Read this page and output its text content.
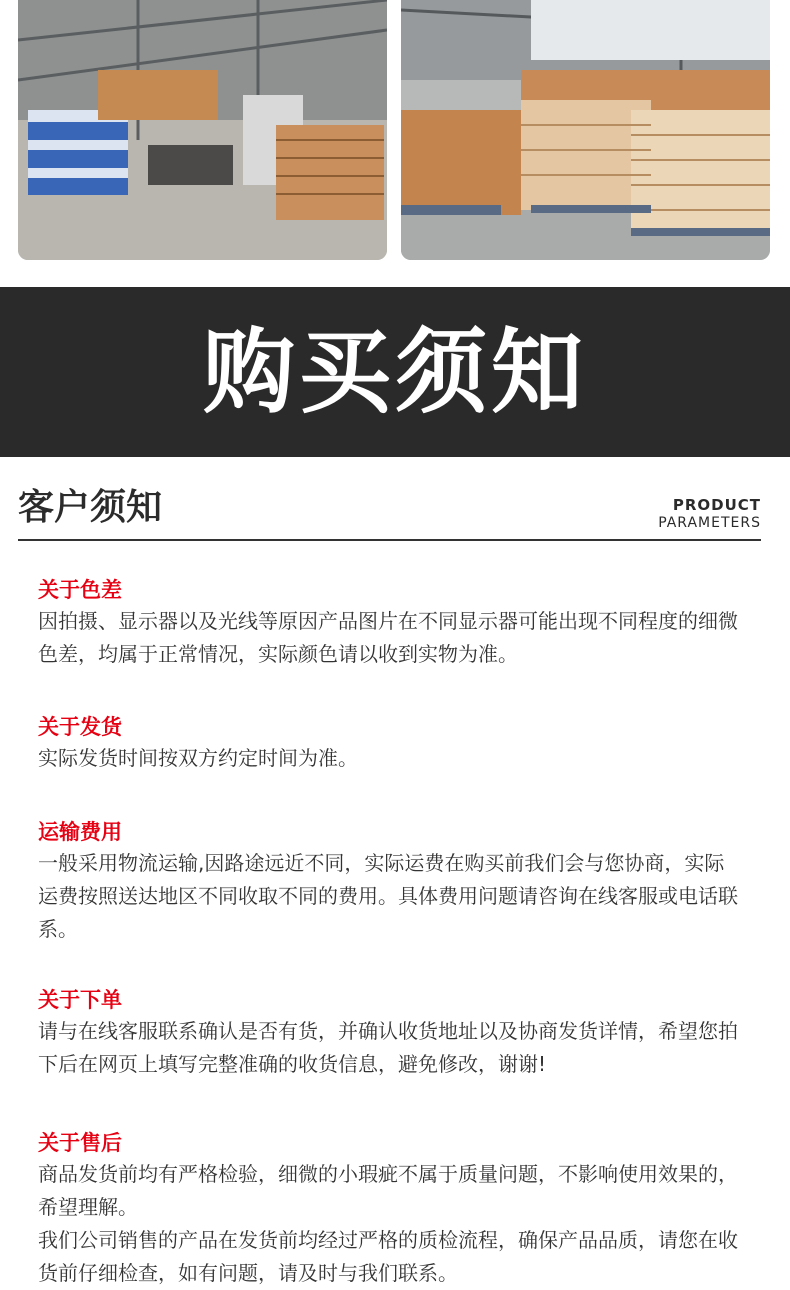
购买须知
客户须知	PRODUCT
PARAMETERS
关于色差

因拍摄、显示器以及光线等原因产品图片在不同显示器可能出现不同程度的细微色差，均属于正常情况，实际颜色请以收到实物为准。

关于发货

实际发货时间按双方约定时间为准。

运输费用

一般采用物流运输,因路途远近不同，实际运费在购买前我们会与您协商，实际运费按照送达地区不同收取不同的费用。具体费用问题请咨询在线客服或电话联系。

关于下单

请与在线客服联系确认是否有货，并确认收货地址以及协商发货详情，希望您拍下后在网页上填写完整准确的收货信息，避免修改，谢谢!

关于售后

商品发货前均有严格检验，细微的小瑕疵不属于质量问题，不影响使用效果的，希望理解。

我们公司销售的产品在发货前均经过严格的质检流程，确保产品品质，请您在收货前仔细检查，如有问题，请及时与我们联系。
